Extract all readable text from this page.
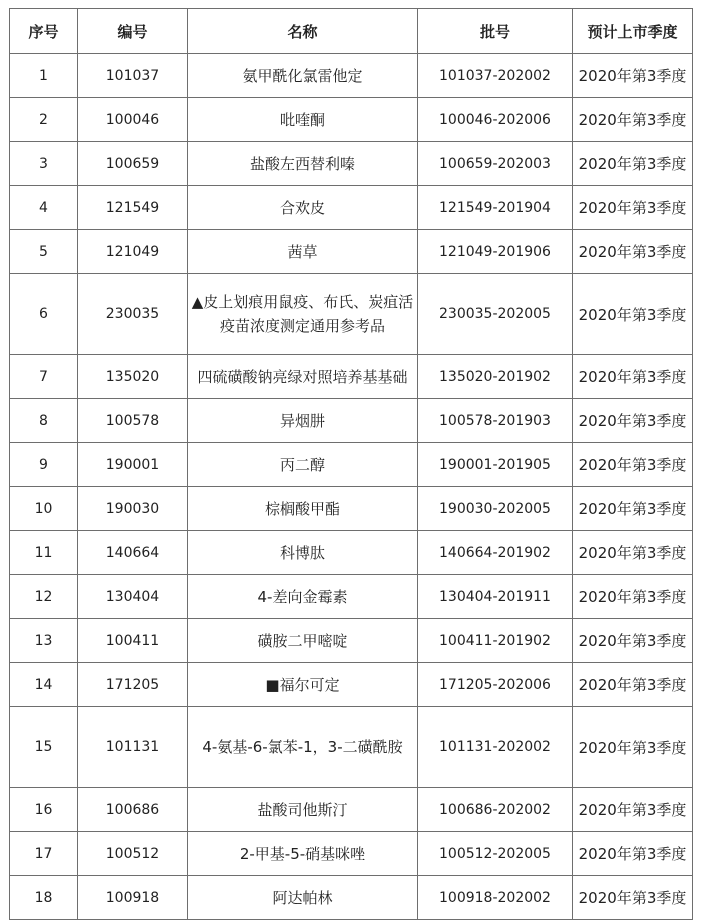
序号	编号	名称	批号	预计上市季度
1	101037	氨甲酰化氯雷他定	101037-202002	2020年第3季度
2	100046	吡喹酮	100046-202006	2020年第3季度
3	100659	盐酸左西替利嗪	100659-202003	2020年第3季度
4	121549	合欢皮	121549-201904	2020年第3季度
5	121049	茜草	121049-201906	2020年第3季度
6	230035	▲皮上划痕用鼠疫、布氏、炭疽活疫苗浓度测定通用参考品	230035-202005	2020年第3季度
7	135020	四硫磺酸钠亮绿对照培养基基础	135020-201902	2020年第3季度
8	100578	异烟肼	100578-201903	2020年第3季度
9	190001	丙二醇	190001-201905	2020年第3季度
10	190030	棕榈酸甲酯	190030-202005	2020年第3季度
11	140664	科博肽	140664-201902	2020年第3季度
12	130404	4-差向金霉素	130404-201911	2020年第3季度
13	100411	磺胺二甲嘧啶	100411-201902	2020年第3季度
14	171205	■福尔可定	171205-202006	2020年第3季度
15	101131	4-氨基-6-氯苯-1，3-二磺酰胺	101131-202002	2020年第3季度
16	100686	盐酸司他斯汀	100686-202002	2020年第3季度
17	100512	2-甲基-5-硝基咪唑	100512-202005	2020年第3季度
18	100918	阿达帕林	100918-202002	2020年第3季度
